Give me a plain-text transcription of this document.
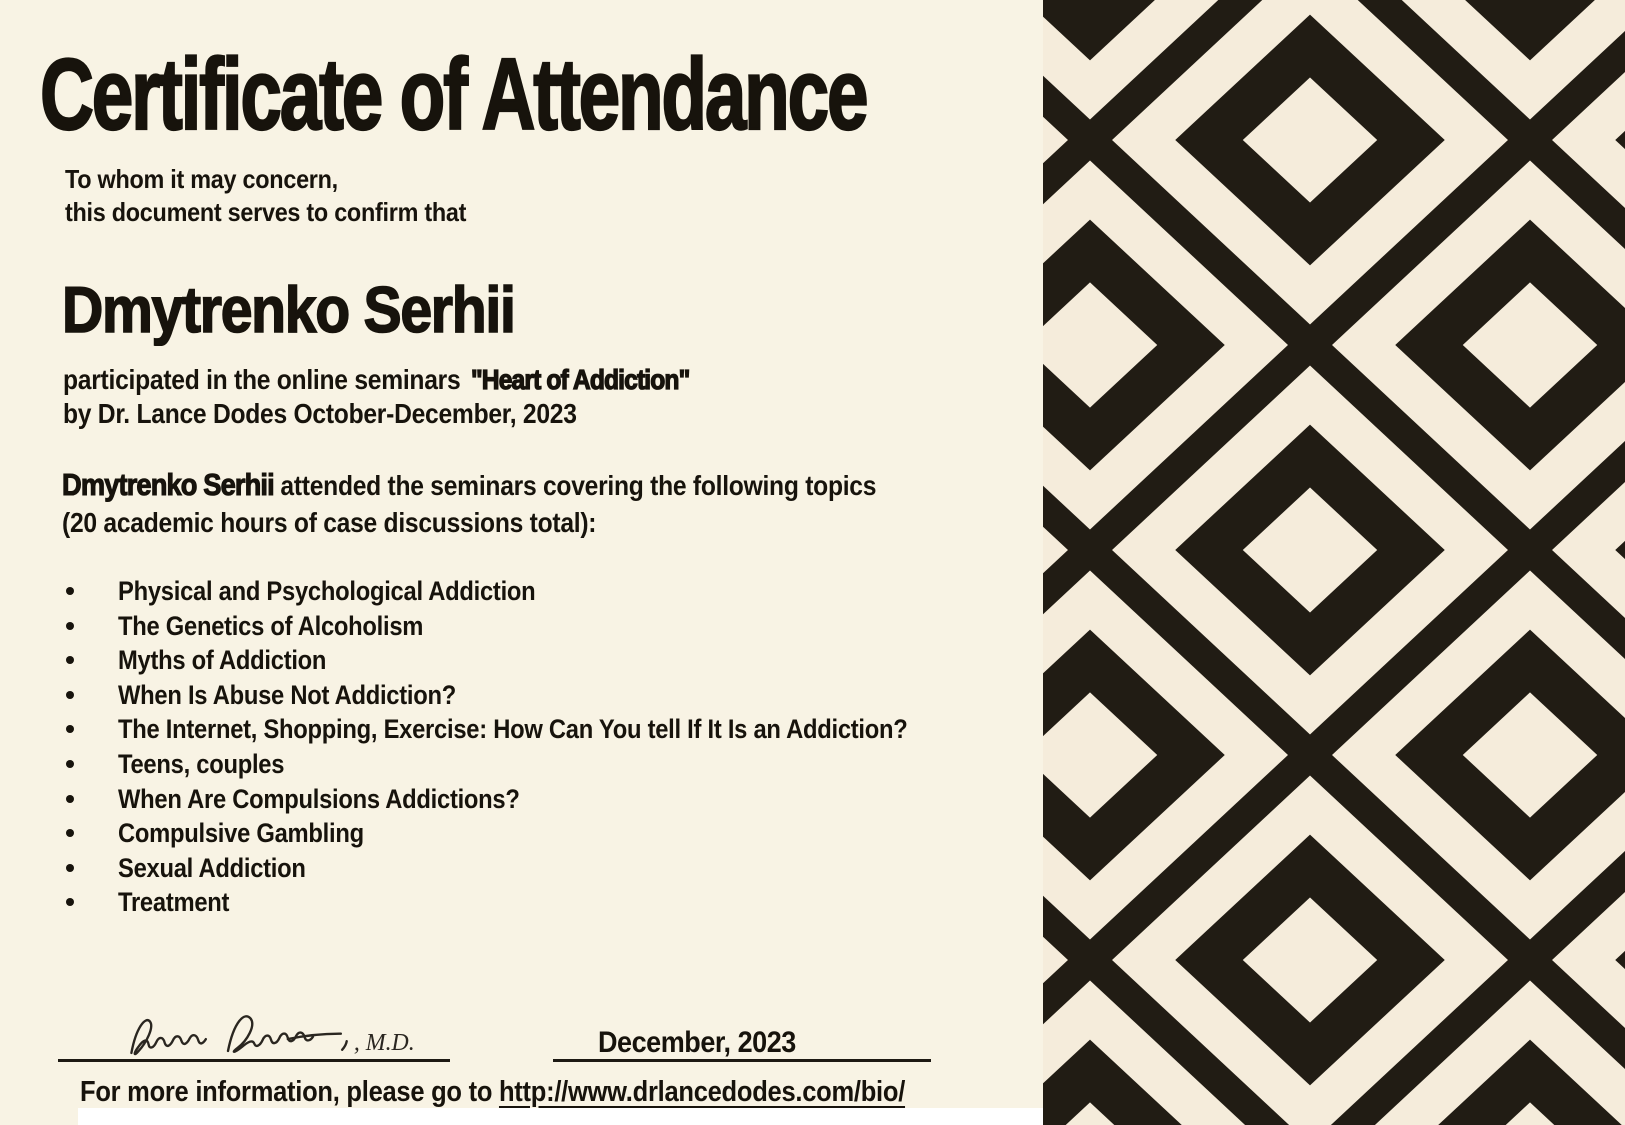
Certificate of Attendance
To whom it may concern,
this document serves to confirm that
Dmytrenko Serhii
participated in the online seminars "Heart of Addiction"
by Dr. Lance Dodes October-December, 2023
Dmytrenko Serhii attended the seminars covering the following topics
(20 academic hours of case discussions total):
Physical and Psychological Addiction
The Genetics of Alcoholism
Myths of Addiction
When Is Abuse Not Addiction?
The Internet, Shopping, Exercise: How Can You tell If It Is an Addiction?
Teens, couples
When Are Compulsions Addictions?
Compulsive Gambling
Sexual Addiction
Treatment
, M.D.	December, 2023
For more information, please go to http://www.drlancedodes.com/bio/
